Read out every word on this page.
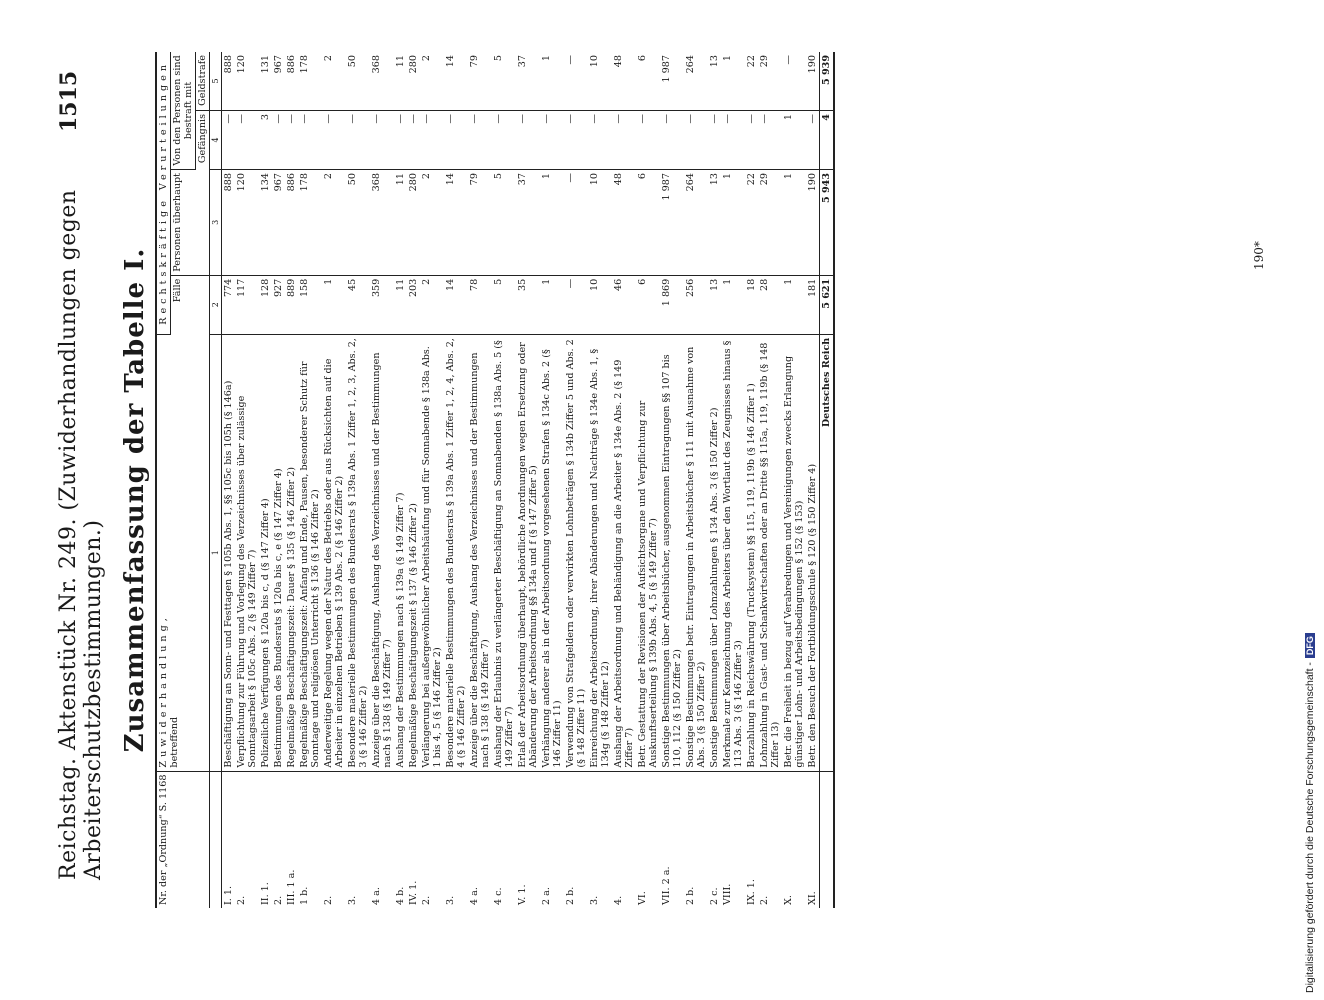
Reichstag. Aktenstück Nr. 249. (Zuwiderhandlungen gegen Arbeiterschutzbestimmungen.)
1515
Zusammenfassung der Tabelle I.
Nr. der „Ordnung“ S. 1168	Zuwiderhandlung, betreffend	Rechtskräftige Verurteilungen			
		Fälle	Personen überhaupt	Von den Personen sind bestraft mit	
				Gefängnis	Geldstrafe
	1	2	3	4	5
I. 1.	Beschäftigung an Sonn- und Festtagen § 105b Abs. 1, §§ 105c bis 105h (§ 146a)	774	888	—	888
2.	Verpflichtung zur Führung und Vorlegung des Verzeichnisses über zulässige Sonntagsarbeit § 105c Abs. 2 (§ 149 Ziffer 7)	117	120	—	120
II. 1.	Polizeiliche Verfügungen § 120a bis c, d (§ 147 Ziffer 4)	128	134	3	131
2.	Bestimmungen des Bundesrats § 120a bis c, e (§ 147 Ziffer 4)	927	967	—	967
III. 1 a.	Regelmäßige Beschäftigungszeit: Dauer § 135 (§ 146 Ziffer 2)	889	886	—	886
1 b.	Regelmäßige Beschäftigungszeit: Anfang und Ende, Pausen, besonderer Schutz für Sonntage und religiösen Unterricht § 136 (§ 146 Ziffer 2)	158	178	—	178
2.	Anderweitige Regelung wegen der Natur des Betriebs oder aus Rücksichten auf die Arbeiter in einzelnen Betrieben § 139 Abs. 2 (§ 146 Ziffer 2)	1	2	—	2
3.	Besondere materielle Bestimmungen des Bundesrats § 139a Abs. 1 Ziffer 1, 2, 3, Abs. 2, 3 (§ 146 Ziffer 2)	45	50	—	50
4 a.	Anzeige über die Beschäftigung, Aushang des Verzeichnisses und der Bestimmungen nach § 138 (§ 149 Ziffer 7)	359	368	—	368
4 b.	Aushang der Bestimmungen nach § 139a (§ 149 Ziffer 7)	11	11	—	11
IV. 1.	Regelmäßige Beschäftigungszeit § 137 (§ 146 Ziffer 2)	203	280	—	280
2.	Verlängerung bei außergewöhnlicher Arbeitshäufung und für Sonnabende § 138a Abs. 1 bis 4, 5 (§ 146 Ziffer 2)	2	2	—	2
3.	Besondere materielle Bestimmungen des Bundesrats § 139a Abs. 1 Ziffer 1, 2, 4, Abs. 2, 4 (§ 146 Ziffer 2)	14	14	—	14
4 a.	Anzeige über die Beschäftigung, Aushang des Verzeichnisses und der Bestimmungen nach § 138 (§ 149 Ziffer 7)	78	79	—	79
4 c.	Aushang der Erlaubnis zu verlängerter Beschäftigung an Sonnabenden § 138a Abs. 5 (§ 149 Ziffer 7)	5	5	—	5
V. 1.	Erlaß der Arbeitsordnung überhaupt, behördliche Anordnungen wegen Ersetzung oder Abänderung der Arbeitsordnung §§ 134a und f (§ 147 Ziffer 5)	35	37	—	37
2 a.	Verhängung anderer als in der Arbeitsordnung vorgesehenen Strafen § 134c Abs. 2 (§ 146 Ziffer 11)	1	1	—	1
2 b.	Verwendung von Strafgeldern oder verwirkten Lohnbeträgen § 134b Ziffer 5 und Abs. 2 (§ 148 Ziffer 11)	—	—	—	—
3.	Einreichung der Arbeitsordnung, ihrer Abänderungen und Nachträge § 134e Abs. 1, § 134g (§ 148 Ziffer 12)	10	10	—	10
4.	Aushang der Arbeitsordnung und Behändigung an die Arbeiter § 134e Abs. 2 (§ 149 Ziffer 7)	46	48	—	48
VI.	Betr. Gestattung der Revisionen der Aufsichtsorgane und Verpflichtung zur Auskunftserteilung § 139b Abs. 4, 5 (§ 149 Ziffer 7)	6	6	—	6
VII. 2 a.	Sonstige Bestimmungen über Arbeitsbücher, ausgenommen Eintragungen §§ 107 bis 110, 112 (§ 150 Ziffer 2)	1 869	1 987	—	1 987
2 b.	Sonstige Bestimmungen betr. Eintragungen in Arbeitsbücher § 111 mit Ausnahme von Abs. 3 (§ 150 Ziffer 2)	256	264	—	264
2 c.	Sonstige Bestimmungen über Lohnzahlungen § 134 Abs. 3 (§ 150 Ziffer 2)	13	13	—	13
VIII.	Merkmale zur Kennzeichnung des Arbeiters über den Wortlaut des Zeugnisses hinaus § 113 Abs. 3 (§ 146 Ziffer 3)	1	1	—	1
IX. 1.	Barzahlung in Reichswährung (Trucksystem) §§ 115, 119, 119b (§ 146 Ziffer 1)	18	22	—	22
2.	Lohnzahlung in Gast- und Schankwirtschaften oder an Dritte §§ 115a, 119, 119b (§ 148 Ziffer 13)	28	29	—	29
X.	Betr. die Freiheit in bezug auf Verabredungen und Vereinigungen zwecks Erlangung günstiger Lohn- und Arbeitsbedingungen § 152 (§ 153)	1	1	1	—
XI.	Betr. den Besuch der Fortbildungsschule § 120 (§ 150 Ziffer 4)	181	190	—	190
	Deutsches Reich	5 621	5 943	4	5 939
190*
Digitalisierung gefördert durch die Deutsche Forschungsgemeinschaft -DFG
